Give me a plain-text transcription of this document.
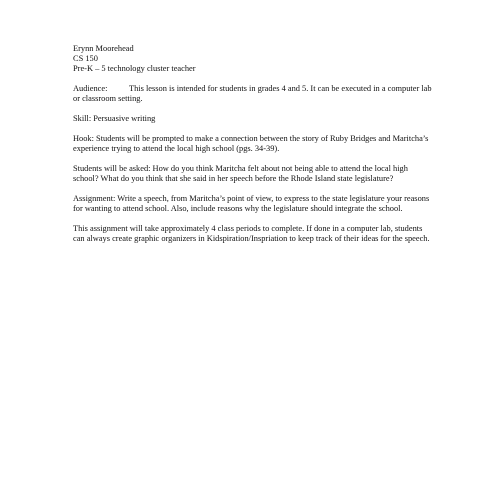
Erynn Moorehead
CS 150
Pre-K – 5 technology cluster teacher

Audience:	This lesson is intended for students in grades 4 and 5. It can be executed in a computer lab or classroom setting.

Skill: Persuasive writing

Hook: Students will be prompted to make a connection between the story of Ruby Bridges and Maritcha’s experience trying to attend the local high school (pgs. 34-39).

Students will be asked: How do you think Maritcha felt about not being able to attend the local high school? What do you think that she said in her speech before the Rhode Island state legislature?

Assignment: Write a speech, from Maritcha’s point of view, to express to the state legislature your reasons for wanting to attend school. Also, include reasons why the legislature should integrate the school.

This assignment will take approximately 4 class periods to complete. If done in a computer lab, students can always create graphic organizers in Kidspiration/Inspriation to keep track of their ideas for the speech.
